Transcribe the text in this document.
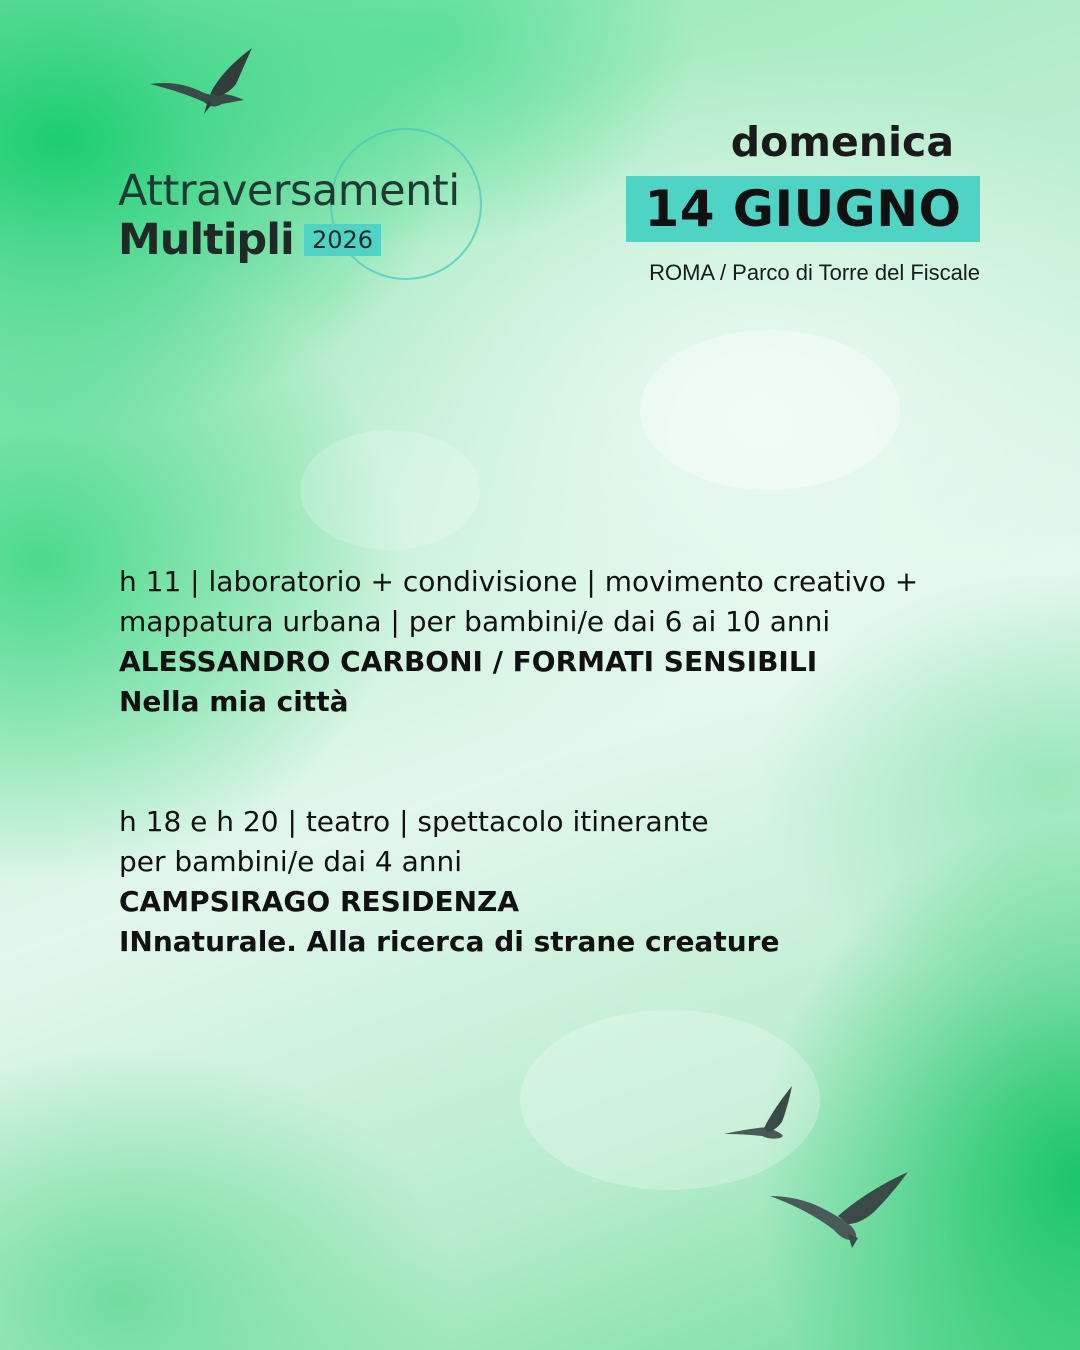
Attraversamenti
Multipli 2026
domenica
14 GIUGNO
ROMA / Parco di Torre del Fiscale

h 11 | laboratorio + condivisione | movimento creativo +

mappatura urbana | per bambini/e dai 6 ai 10 anni

ALESSANDRO CARBONI / FORMATI SENSIBILI

Nella mia città

h 18 e h 20 | teatro | spettacolo itinerante

per bambini/e dai 4 anni

CAMPSIRAGO RESIDENZA

INnaturale. Alla ricerca di strane creature
